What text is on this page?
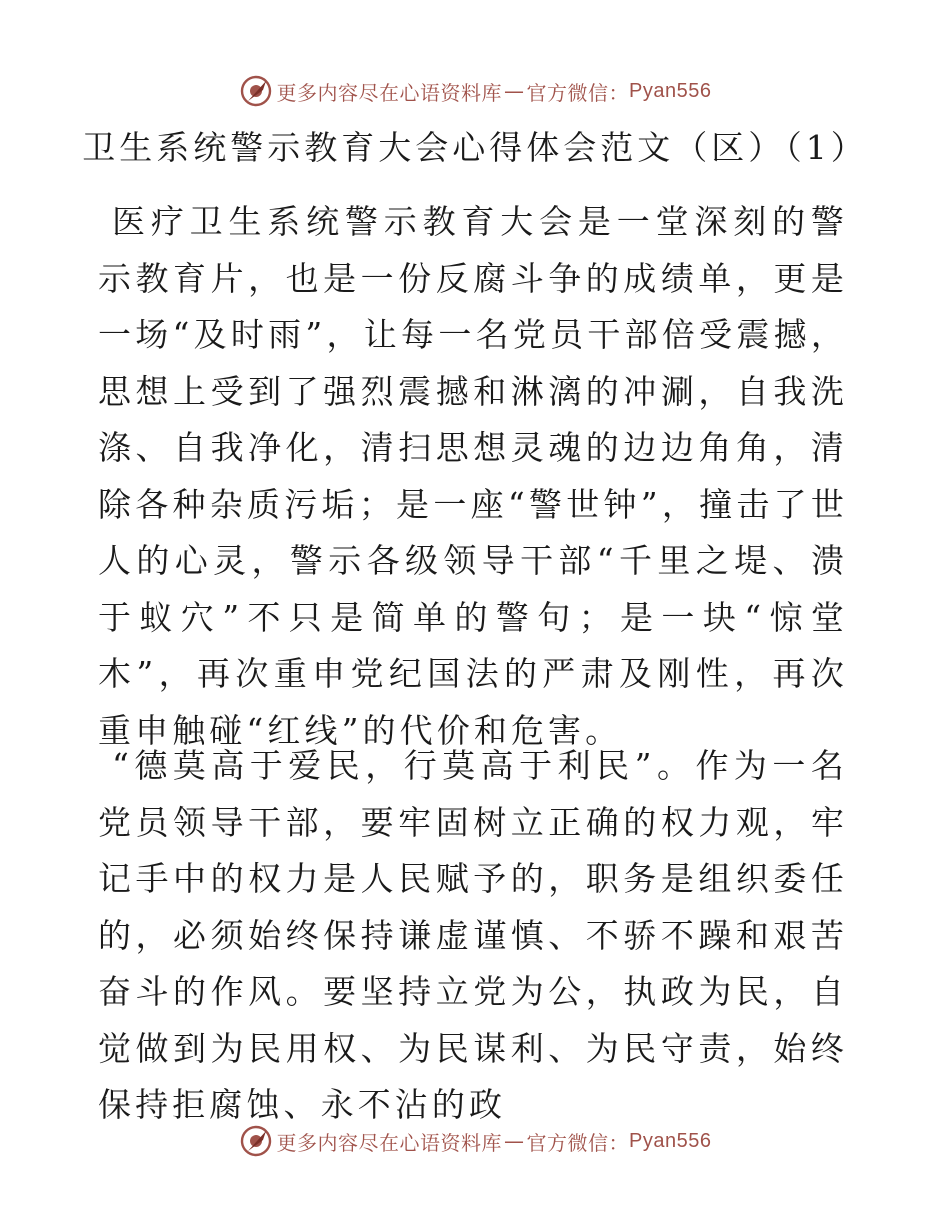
更多内容尽在心语资料库 — 官方微信： Pyan556
卫生系统警示教育大会心得体会范文（区）（1）

医疗卫生系统警示教育大会是一堂深刻的警示教育片，也是一份反腐斗争的成绩单，更是一场“及时雨”，让每一名党员干部倍受震撼，思想上受到了强烈震撼和淋漓的冲涮，自我洗涤、自我净化，清扫思想灵魂的边边角角，清除各种杂质污垢；是一座“警世钟”，撞击了世人的心灵，警示各级领导干部“千里之堤、溃于蚁穴”不只是简单的警句；是一块“惊堂木”，再次重申党纪国法的严肃及刚性，再次重申触碰“红线”的代价和危害。

“德莫高于爱民，行莫高于利民”。作为一名党员领导干部，要牢固树立正确的权力观，牢记手中的权力是人民赋予的，职务是组织委任的，必须始终保持谦虚谨慎、不骄不躁和艰苦奋斗的作风。要坚持立党为公，执政为民，自觉做到为民用权、为民谋利、为民守责，始终保持拒腐蚀、永不沾的政

更多内容尽在心语资料库 — 官方微信： Pyan556
